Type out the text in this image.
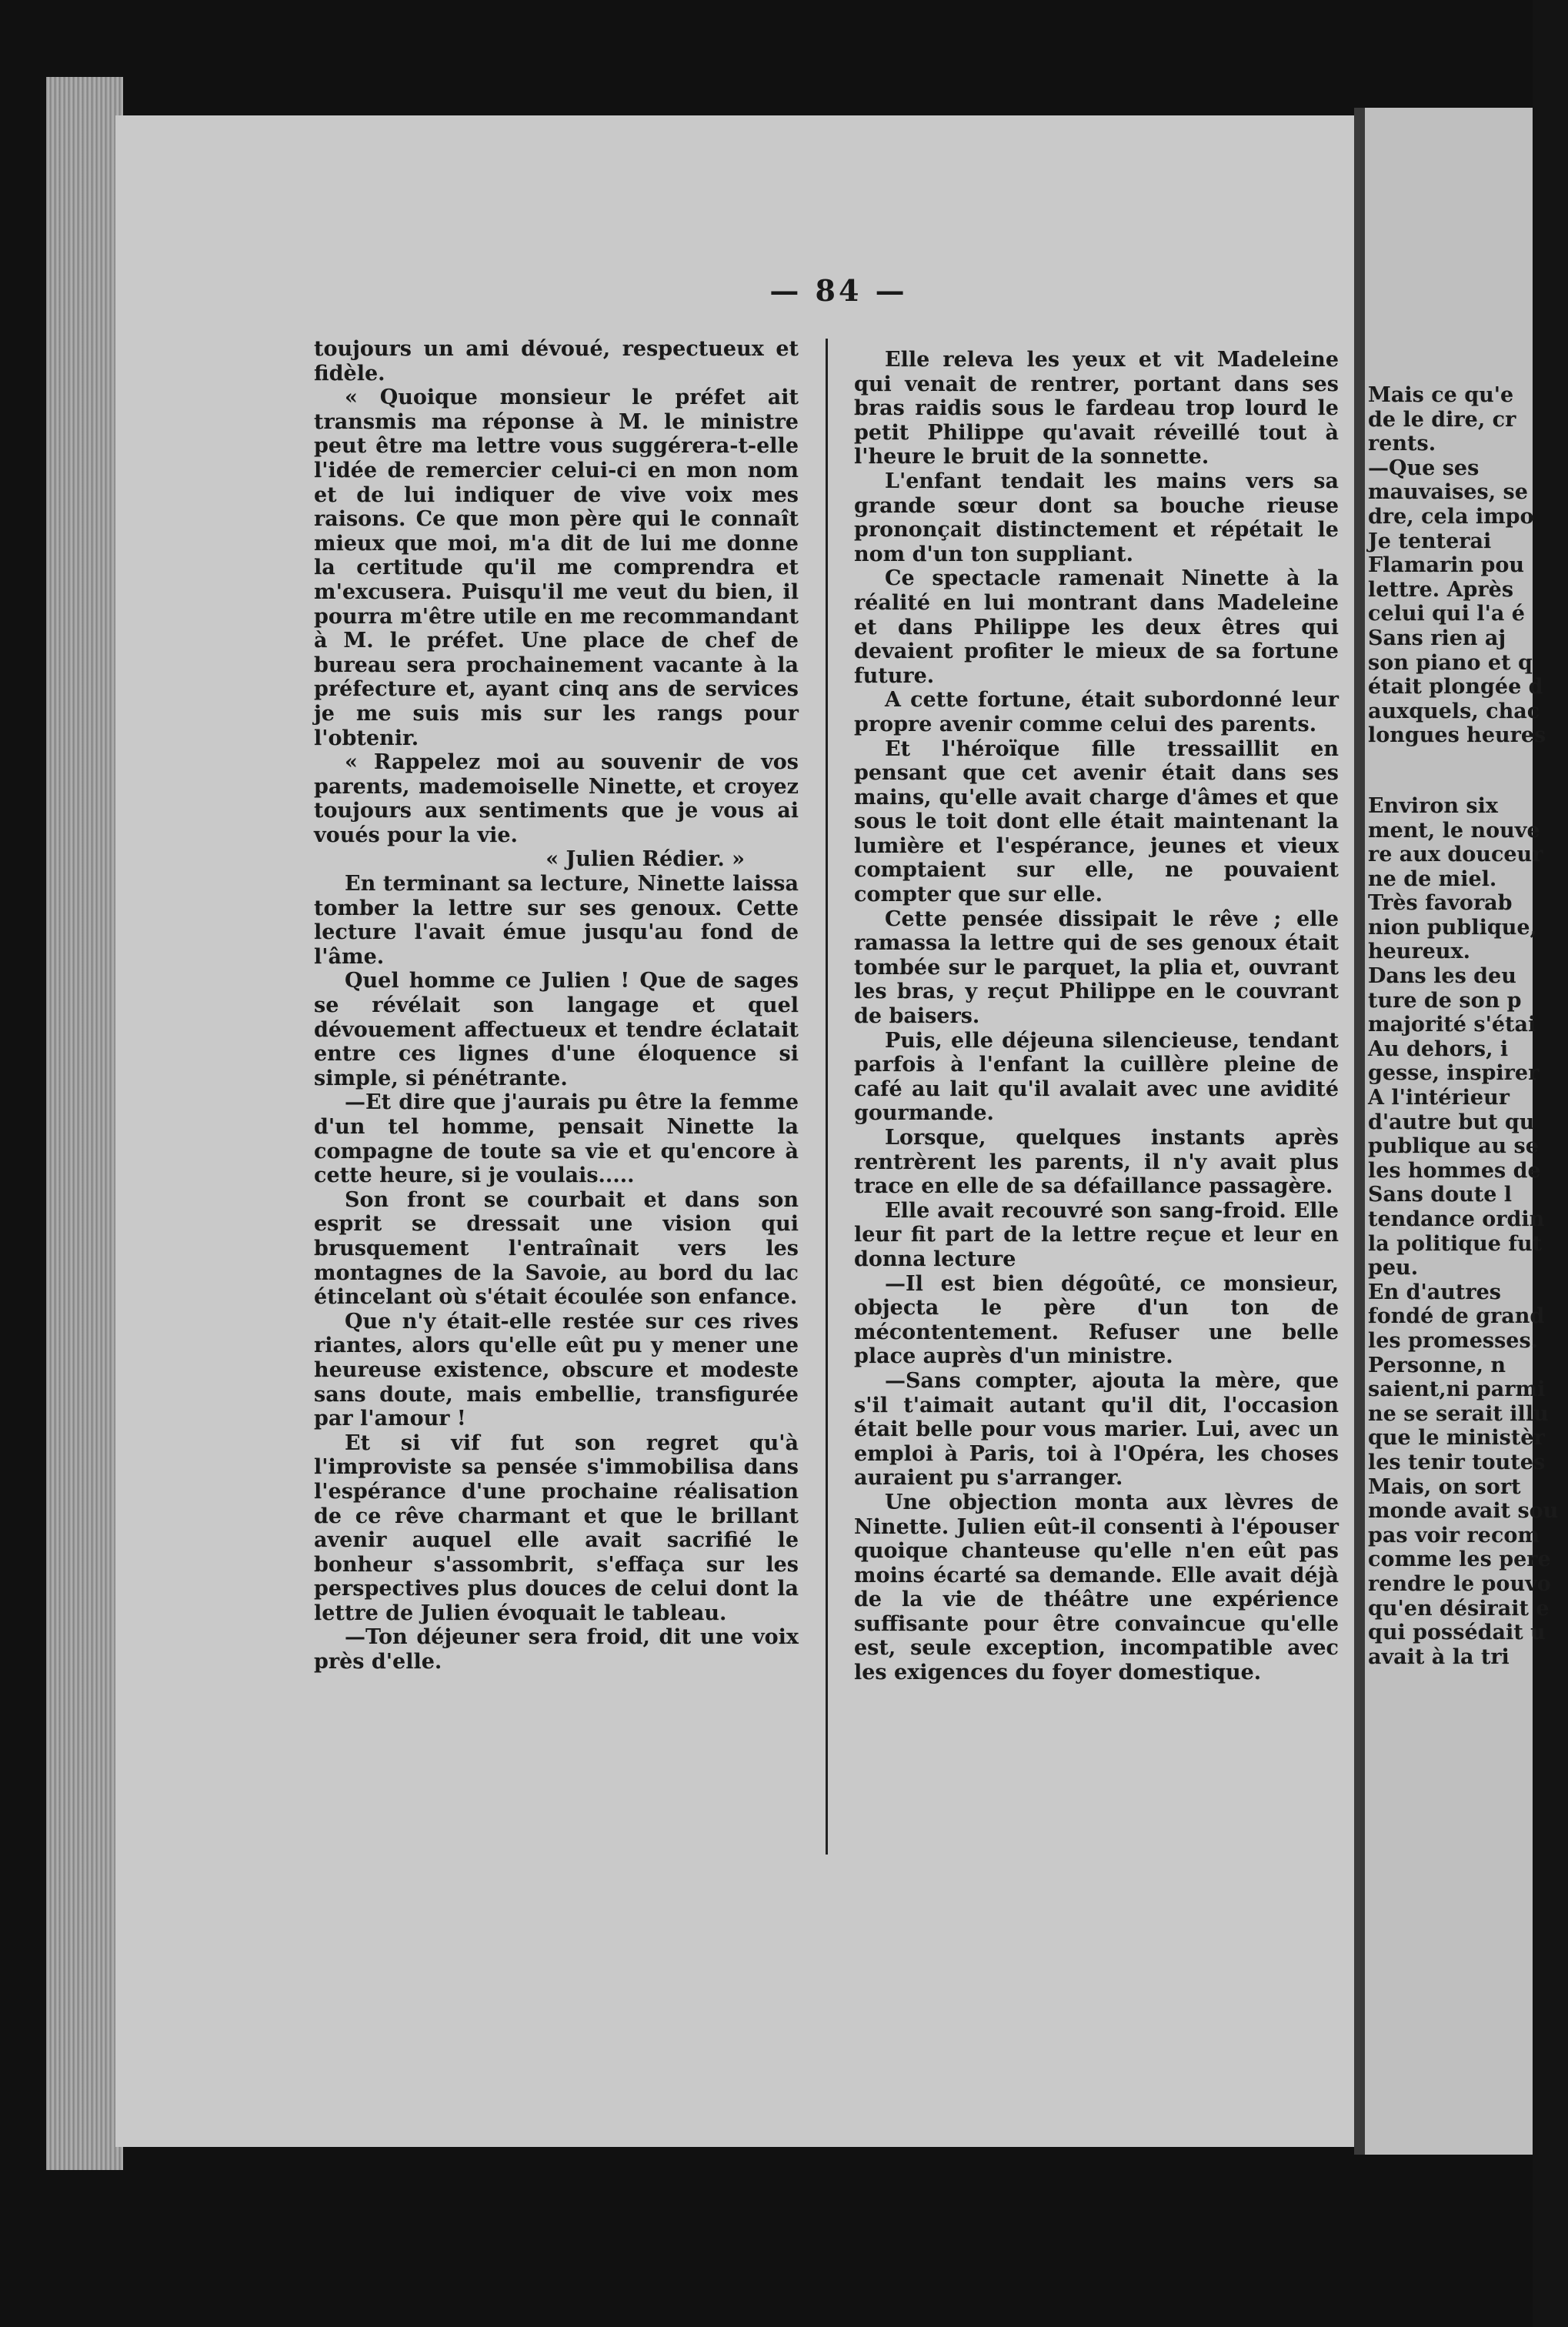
Mais ce qu'e
de le dire, cr
rents.
—Que ses
mauvaises, se
dre, cela impo
Je tenterai
Flamarin pou
lettre. Après
celui qui l'a é
Sans rien aj
son piano et q
était plongée d
auxquels, chac
longues heures
Environ six
ment, le nouve
re aux douceur
ne de miel.
Très favorab
nion publique,
heureux.
Dans les deu
ture de son p
majorité s'étai
Au dehors, i
gesse, inspirer
A l'intérieur
d'autre but qu
publique au se
les hommes de
Sans doute l
tendance ordin
la politique fut
peu.
En d'autres
fondé de grand
les promesses.
Personne, n
saient,ni parmi
ne se serait illu
que le ministèr
les tenir toutes
Mais, on sort
monde avait sou
pas voir recom
comme les pere
rendre le pouvo
qu'en désirait e
qui possédait u
avait à la tri
— 84 —

toujours un ami dévoué, respectueux et fidèle.

« Quoique monsieur le préfet ait transmis ma réponse à M. le ministre peut être ma lettre vous suggérera-t-elle l'idée de remercier celui-ci en mon nom et de lui indiquer de vive voix mes raisons. Ce que mon père qui le connaît mieux que moi, m'a dit de lui me donne la certitude qu'il me comprendra et m'excusera. Puisqu'il me veut du bien, il pourra m'être utile en me recommandant à M. le préfet. Une place de chef de bureau sera prochainement vacante à la préfecture et, ayant cinq ans de services je me suis mis sur les rangs pour l'obtenir.

« Rappelez moi au souvenir de vos parents, mademoiselle Ninette, et croyez toujours aux sentiments que je vous ai voués pour la vie.

« Julien Rédier. »

En terminant sa lecture, Ninette laissa tomber la lettre sur ses genoux. Cette lecture l'avait émue jusqu'au fond de l'âme.

Quel homme ce Julien ! Que de sages se révélait son langage et quel dévouement affectueux et tendre éclatait entre ces lignes d'une éloquence si simple, si pénétrante.

—Et dire que j'aurais pu être la femme d'un tel homme, pensait Ninette la compagne de toute sa vie et qu'encore à cette heure, si je voulais.....

Son front se courbait et dans son esprit se dressait une vision qui brusquement l'entraînait vers les montagnes de la Savoie, au bord du lac étincelant où s'était écoulée son enfance.

Que n'y était-elle restée sur ces rives riantes, alors qu'elle eût pu y mener une heureuse existence, obscure et modeste sans doute, mais embellie, transfigurée par l'amour !

Et si vif fut son regret qu'à l'improviste sa pensée s'immobilisa dans l'espérance d'une prochaine réalisation de ce rêve charmant et que le brillant avenir auquel elle avait sacrifié le bonheur s'assombrit, s'effaça sur les perspectives plus douces de celui dont la lettre de Julien évoquait le tableau.

—Ton déjeuner sera froid, dit une voix près d'elle.

Elle releva les yeux et vit Madeleine qui venait de rentrer, portant dans ses bras raidis sous le fardeau trop lourd le petit Philippe qu'avait réveillé tout à l'heure le bruit de la sonnette.

L'enfant tendait les mains vers sa grande sœur dont sa bouche rieuse prononçait distinctement et répétait le nom d'un ton suppliant.

Ce spectacle ramenait Ninette à la réalité en lui montrant dans Madeleine et dans Philippe les deux êtres qui devaient profiter le mieux de sa fortune future.

A cette fortune, était subordonné leur propre avenir comme celui des parents.

Et l'héroïque fille tressaillit en pensant que cet avenir était dans ses mains, qu'elle avait charge d'âmes et que sous le toit dont elle était maintenant la lumière et l'espérance, jeunes et vieux comptaient sur elle, ne pouvaient compter que sur elle.

Cette pensée dissipait le rêve ; elle ramassa la lettre qui de ses genoux était tombée sur le parquet, la plia et, ouvrant les bras, y reçut Philippe en le couvrant de baisers.

Puis, elle déjeuna silencieuse, tendant parfois à l'enfant la cuillère pleine de café au lait qu'il avalait avec une avidité gourmande.

Lorsque, quelques instants après rentrèrent les parents, il n'y avait plus trace en elle de sa défaillance passagère.

Elle avait recouvré son sang-froid. Elle leur fit part de la lettre reçue et leur en donna lecture

—Il est bien dégoûté, ce monsieur, objecta le père d'un ton de mécontentement. Refuser une belle place auprès d'un ministre.

—Sans compter, ajouta la mère, que s'il t'aimait autant qu'il dit, l'occasion était belle pour vous marier. Lui, avec un emploi à Paris, toi à l'Opéra, les choses auraient pu s'arranger.

Une objection monta aux lèvres de Ninette. Julien eût-il consenti à l'épouser quoique chanteuse qu'elle n'en eût pas moins écarté sa demande. Elle avait déjà de la vie de théâtre une expérience suffisante pour être convaincue qu'elle est, seule exception, incompatible avec les exigences du foyer domestique.
